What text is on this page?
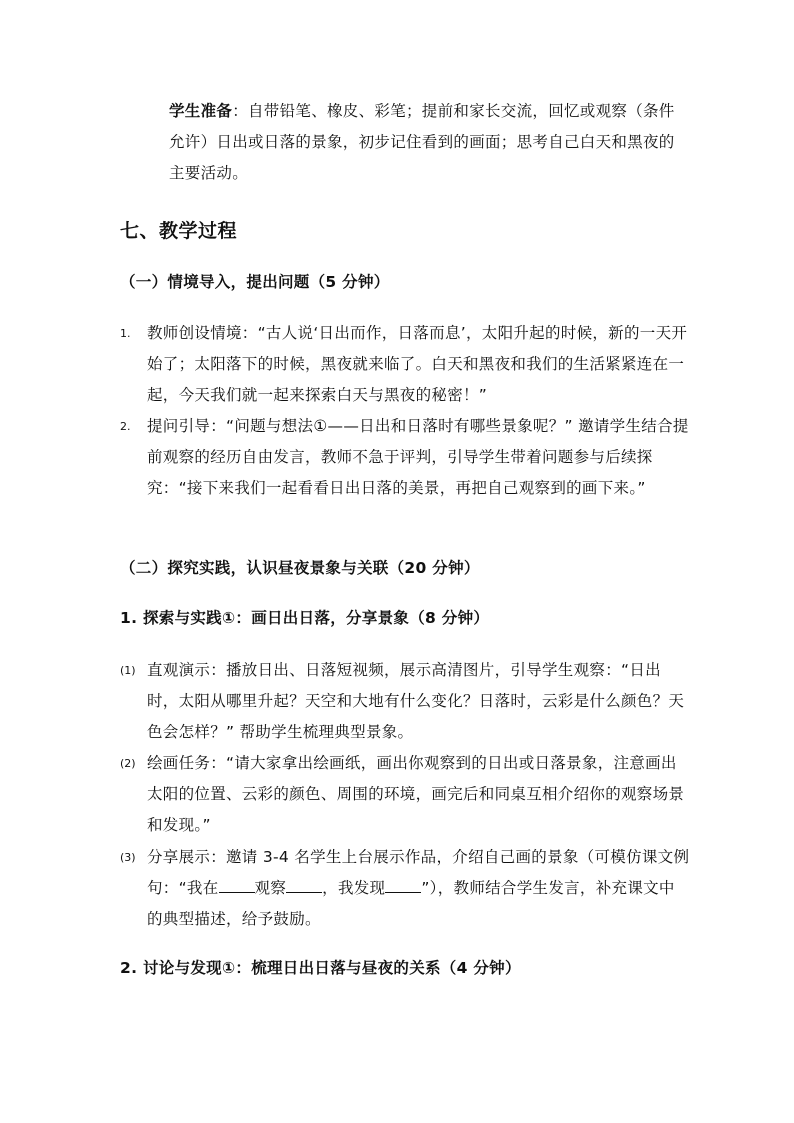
学生准备：自带铅笔、橡皮、彩笔；提前和家长交流，回忆或观察（条件允许）日出或日落的景象，初步记住看到的画面；思考自己白天和黑夜的主要活动。
七、教学过程
（一）情境导入，提出问题（5 分钟）
1. 教师创设情境：“古人说‘日出而作，日落而息’，太阳升起的时候，新的一天开始了；太阳落下的时候，黑夜就来临了。白天和黑夜和我们的生活紧紧连在一起，今天我们就一起来探索白天与黑夜的秘密！”
2. 提问引导：“问题与想法①——日出和日落时有哪些景象呢？” 邀请学生结合提前观察的经历自由发言，教师不急于评判，引导学生带着问题参与后续探究：“接下来我们一起看看日出日落的美景，再把自己观察到的画下来。”
（二）探究实践，认识昼夜景象与关联（20 分钟）
1. 探索与实践①：画日出日落，分享景象（8 分钟）
(1) 直观演示：播放日出、日落短视频，展示高清图片，引导学生观察：“日出时，太阳从哪里升起？天空和大地有什么变化？日落时，云彩是什么颜色？天色会怎样？” 帮助学生梳理典型景象。
(2) 绘画任务：“请大家拿出绘画纸，画出你观察到的日出或日落景象，注意画出太阳的位置、云彩的颜色、周围的环境，画完后和同桌互相介绍你的观察场景和发现。”
(3) 分享展示：邀请 3-4 名学生上台展示作品，介绍自己画的景象（可模仿课文例句：“我在 观察 ，我发现 ”），教师结合学生发言，补充课文中的典型描述，给予鼓励。
2. 讨论与发现①：梳理日出日落与昼夜的关系（4 分钟）
